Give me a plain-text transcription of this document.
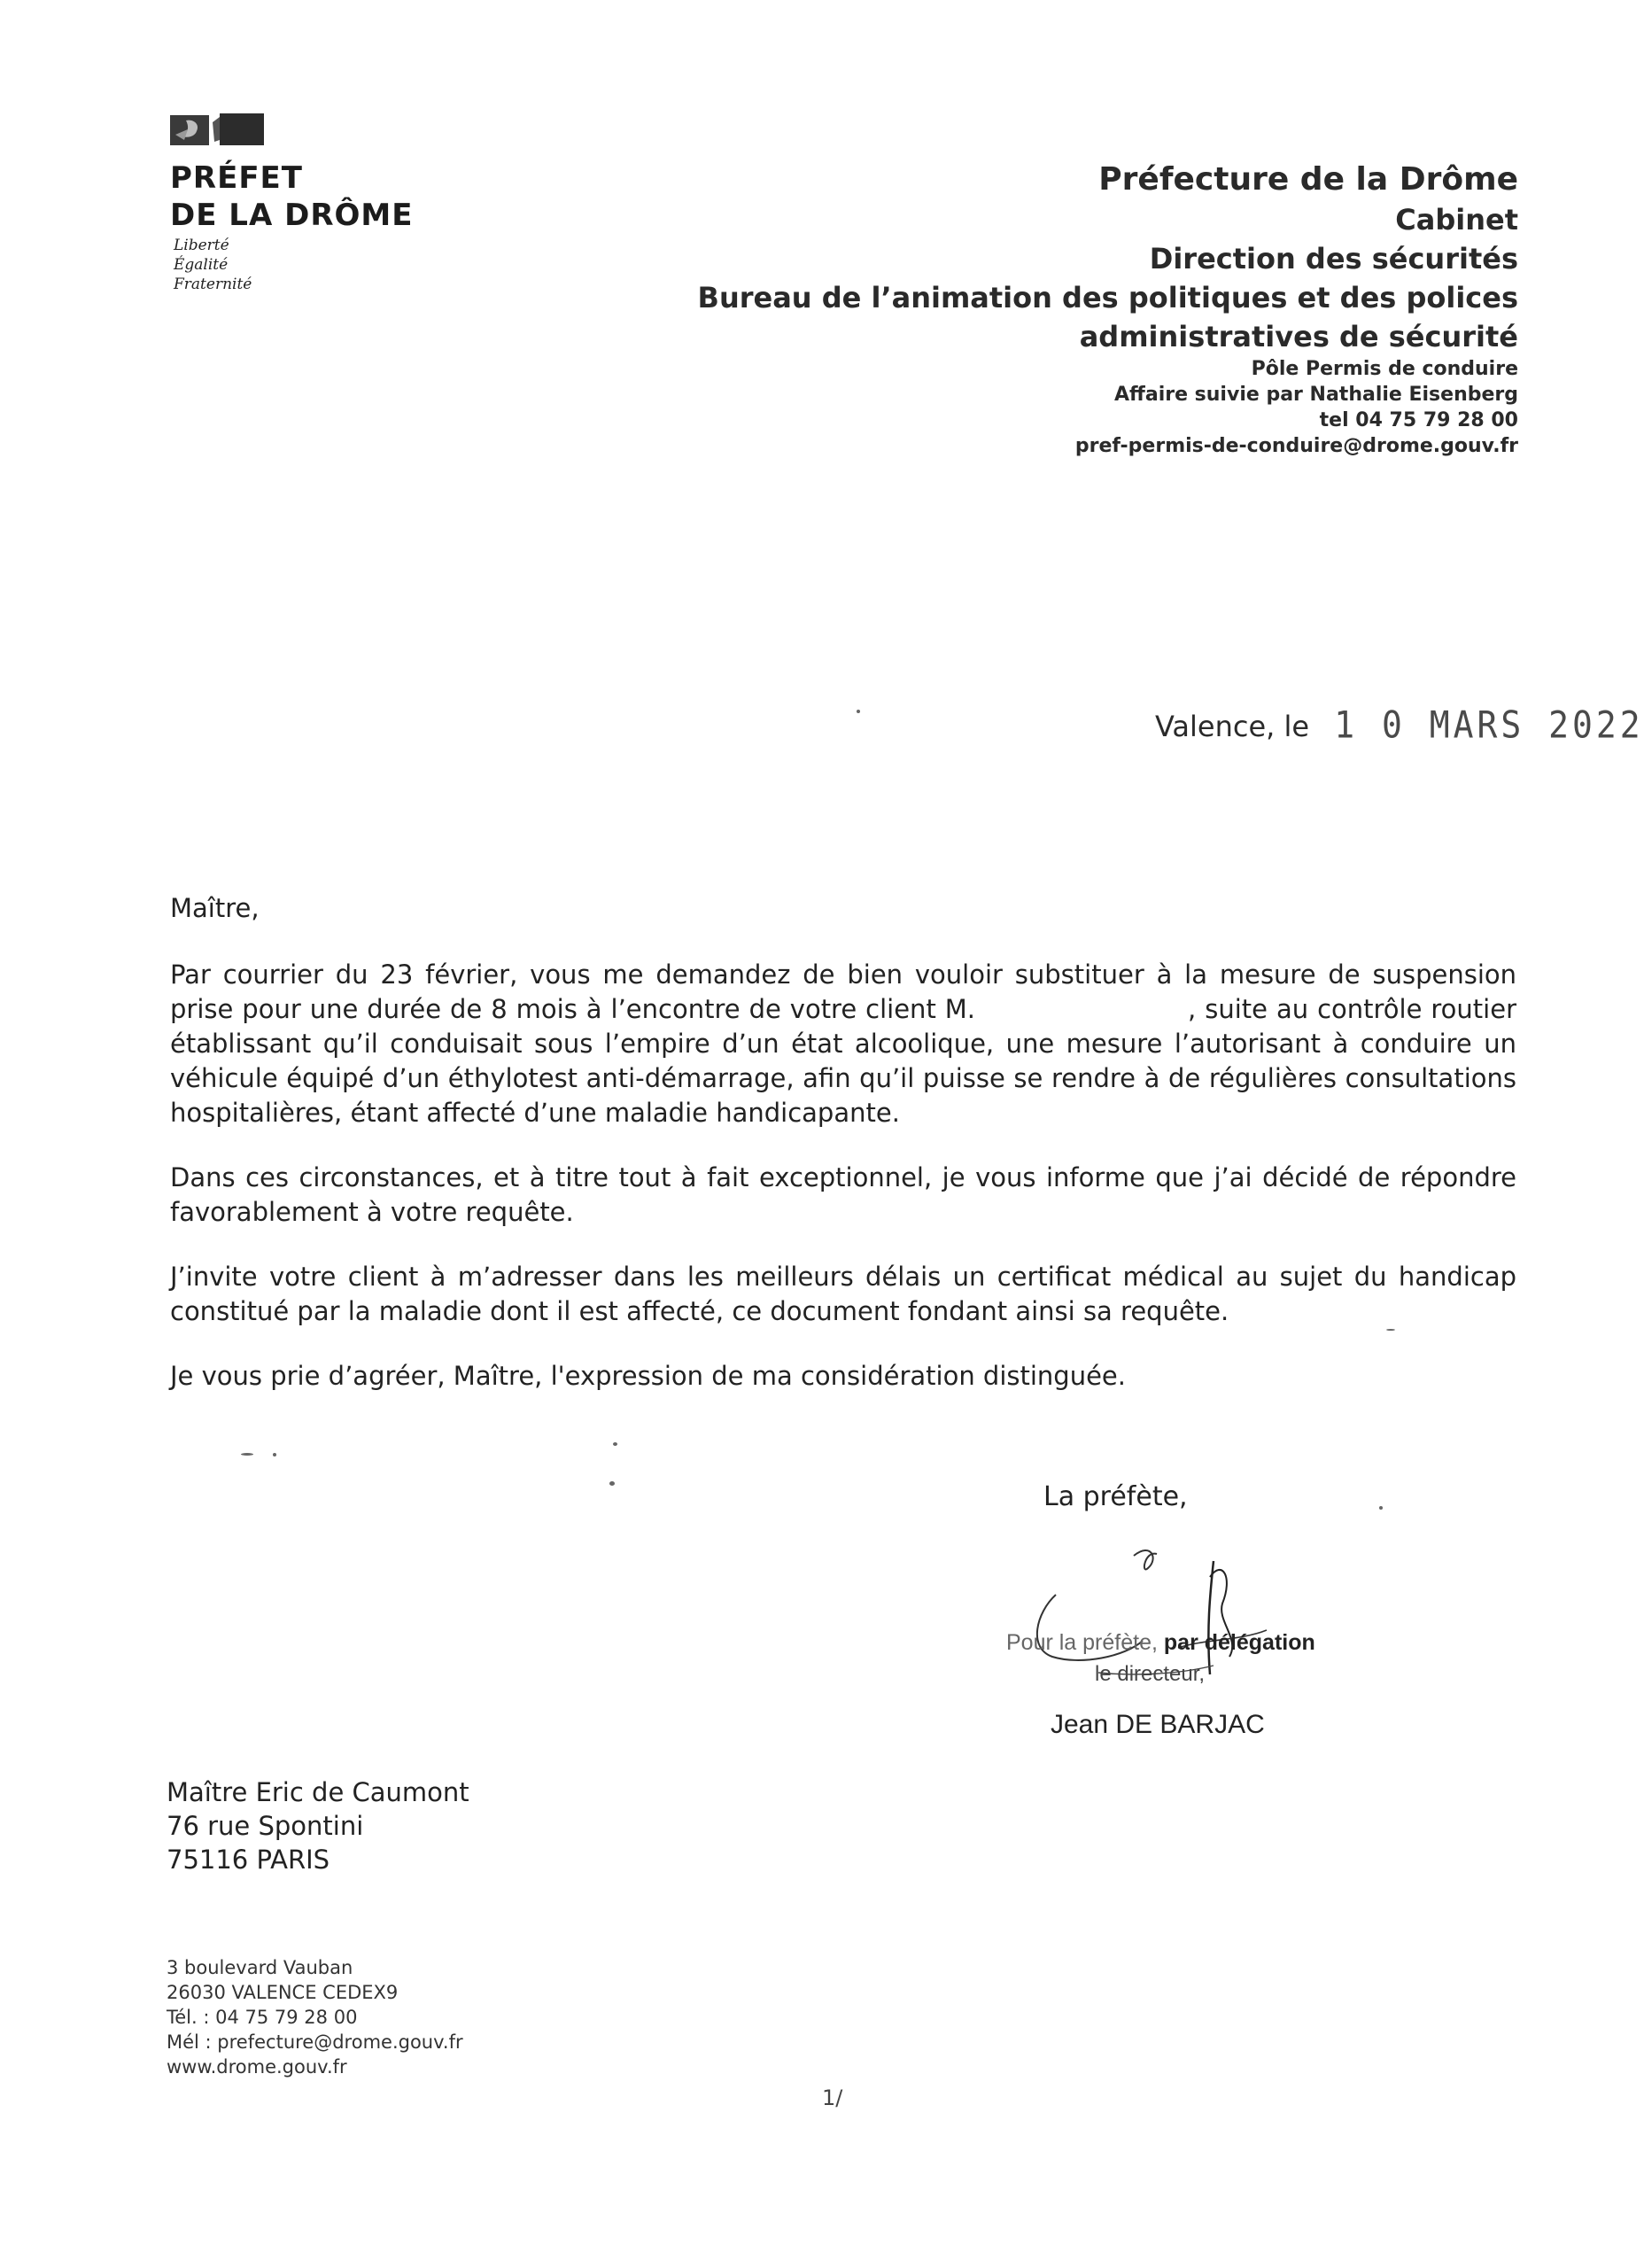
PRÉFET
DE LA DRÔME
Liberté
Égalité
Fraternité
Préfecture de la Drôme
Cabinet
Direction des sécurités
Bureau de l’animation des politiques et des polices
administratives de sécurité
Pôle Permis de conduire
Affaire suivie par Nathalie Eisenberg
tel 04 75 79 28 00
pref-permis-de-conduire@drome.gouv.fr
Valence, le 1 0 MARS 2022

Maître,

Par courrier du 23 février, vous me demandez de bien vouloir substituer à la mesure de suspension prise pour une durée de 8 mois à l’encontre de votre client M.	, suite au contrôle routier établissant qu’il conduisait sous l’empire d’un état alcoolique, une mesure l’autorisant à conduire un véhicule équipé d’un éthylotest anti-démarrage, afin qu’il puisse se rendre à de régulières consultations hospitalières, étant affecté d’une maladie handicapante.

Dans ces circonstances, et à titre tout à fait exceptionnel, je vous informe que j’ai décidé de répondre favorablement à votre requête.

J’invite votre client à m’adresser dans les meilleurs délais un certificat médical au sujet du handicap constitué par la maladie dont il est affecté, ce document fondant ainsi sa requête.

Je vous prie d’agréer, Maître, l'expression de ma considération distinguée.

La préfète,
Pour la préfète, par délégation
le directeur,
Jean DE BARJAC
Maître Eric de Caumont
76 rue Spontini
75116 PARIS
3 boulevard Vauban
26030 VALENCE CEDEX9
Tél. : 04 75 79 28 00
Mél : prefecture@drome.gouv.fr
www.drome.gouv.fr
1/
